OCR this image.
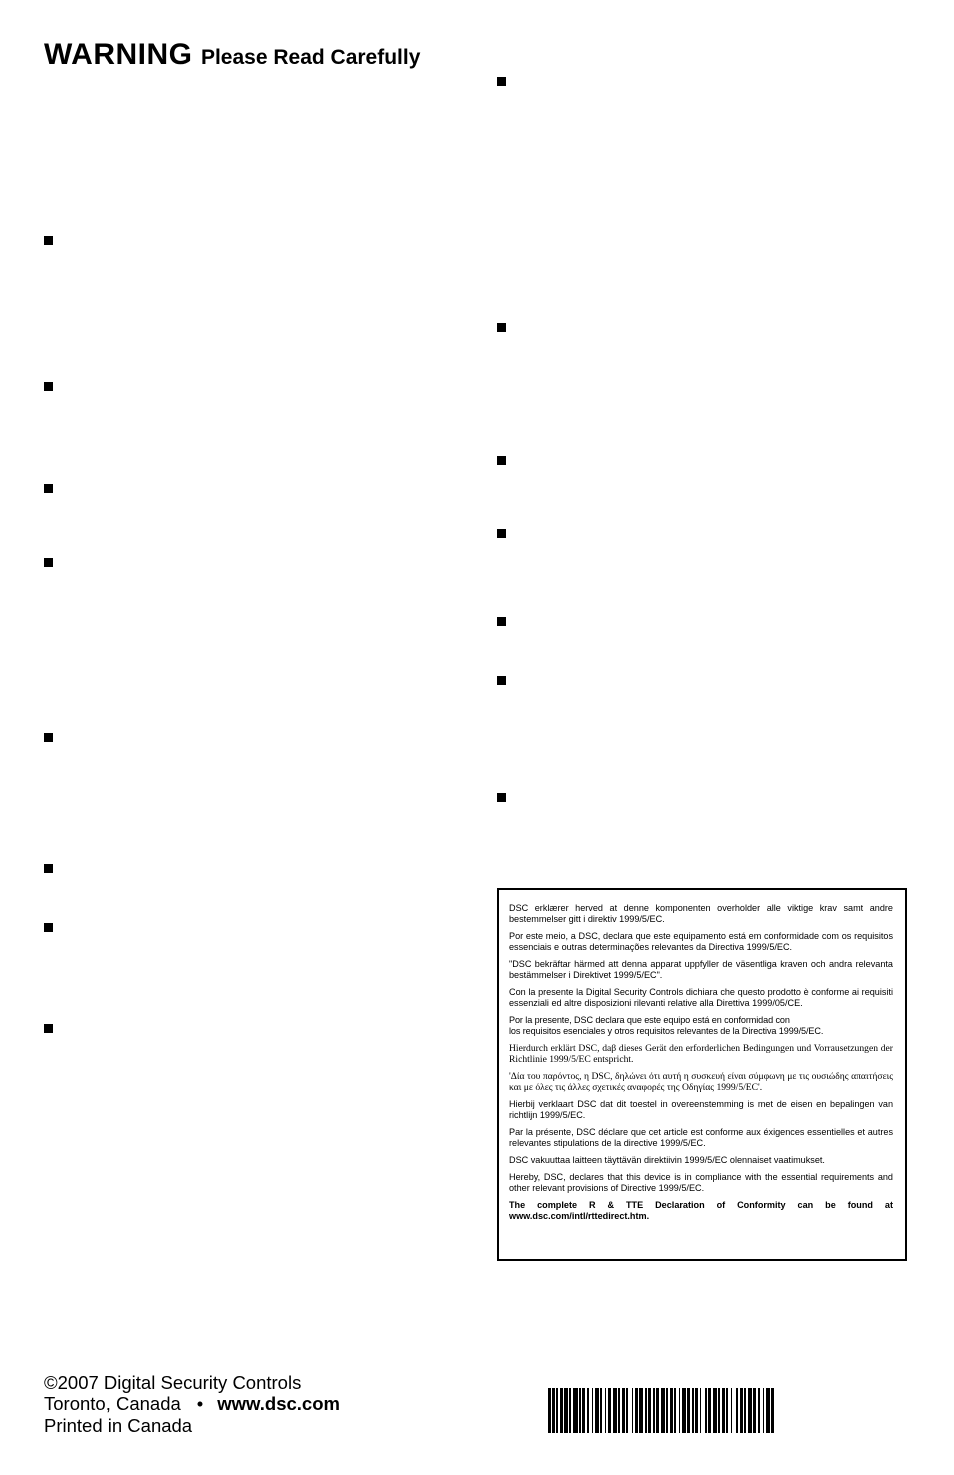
WARNING Please Read Carefully

DSC erklærer herved at denne komponenten overholder alle viktige krav samt andre bestemmelser gitt i direktiv 1999/5/EC.

Por este meio, a DSC, declara que este equipamento está em conformidade com os requisitos essenciais e outras determinações relevantes da Directiva 1999/5/EC.

"DSC bekräftar härmed att denna apparat uppfyller de väsentliga kraven och andra relevanta bestämmelser i Direktivet 1999/5/EC".

Con la presente la Digital Security Controls dichiara che questo prodotto è conforme ai requisiti essenziali ed altre disposizioni rilevanti relative alla Direttiva 1999/05/CE.

Por la presente, DSC declara que este equipo está en conformidad con
los requisitos esenciales y otros requisitos relevantes de la Directiva 1999/5/EC.

Hierdurch erklärt DSC, daβ dieses Gerät den erforderlichen Bedingungen und Vorrausetzungen der Richtlinie 1999/5/EC entspricht.

'Δία του παρόντος, η DSC, δηλώνει ότι αυτή η συσκευή είναι σύμφωνη με τις ουσιώδης απαιτήσεις και με όλες τις άλλες σχετικές αναφορές της Οδηγίας 1999/5/EC'.

Hierbij verklaart DSC dat dit toestel in overeenstemming is met de eisen en bepalingen van richtlijn 1999/5/EC.

Par la présente, DSC déclare que cet article est conforme aux éxigences essentielles et autres relevantes stipulations de la directive 1999/5/EC.

DSC vakuuttaa laitteen täyttävän direktiivin 1999/5/EC olennaiset vaatimukset.

Hereby, DSC, declares that this device is in compliance with the essential requirements and other relevant provisions of Directive 1999/5/EC.

The complete R & TTE Declaration of Conformity can be found at www.dsc.com/intl/rttedirect.htm.

©2007 Digital Security Controls
Toronto, Canada • www.dsc.com
Printed in Canada
